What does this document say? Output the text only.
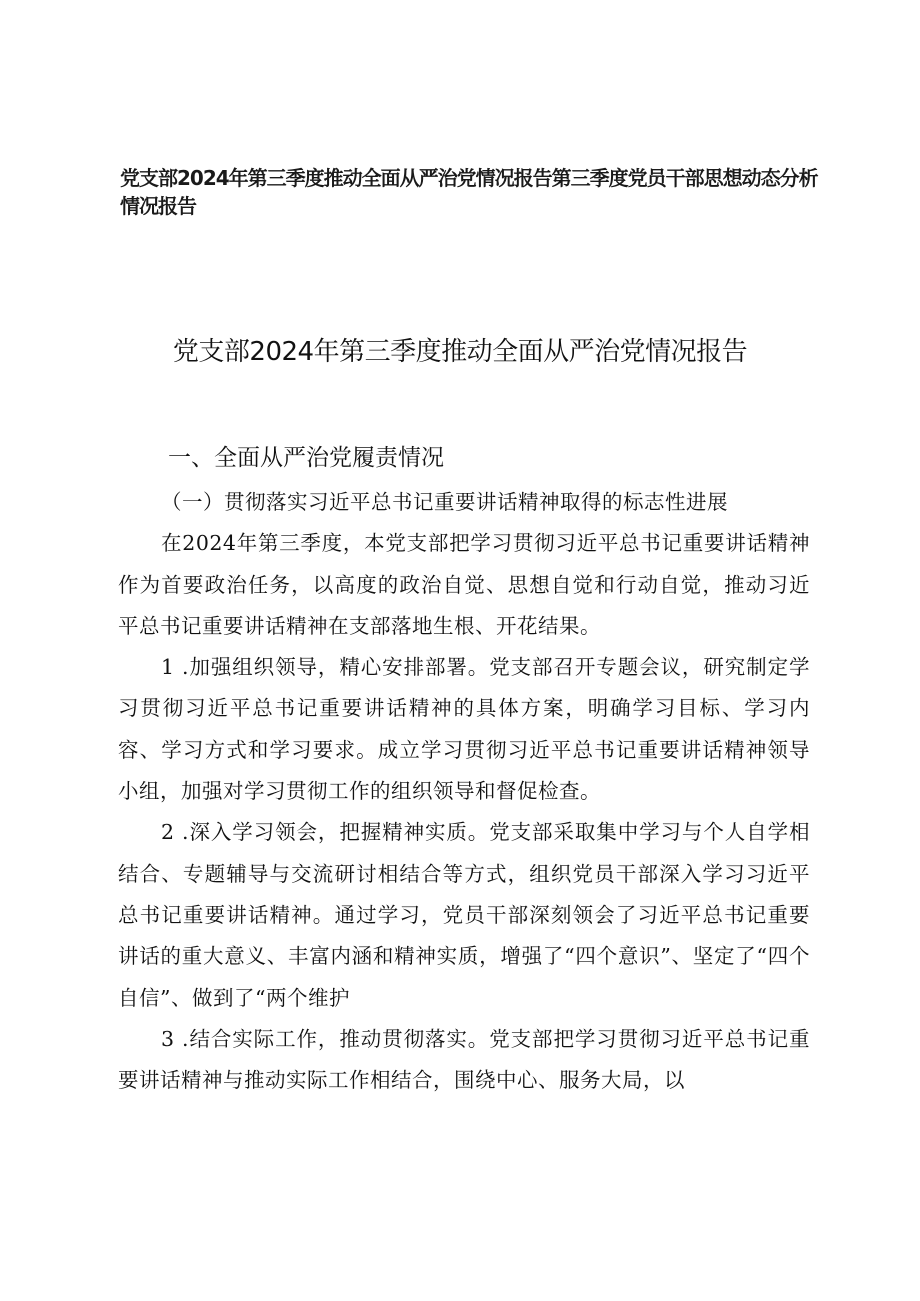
党支部2024年第三季度推动全面从严治党情况报告第三季度党员干部思想动态分析情况报告
党支部2024年第三季度推动全面从严治党情况报告
一、全面从严治党履责情况

（一）贯彻落实习近平总书记重要讲话精神取得的标志性进展

在2024年第三季度，本党支部把学习贯彻习近平总书记重要讲话精神作为首要政治任务，以高度的政治自觉、思想自觉和行动自觉，推动习近平总书记重要讲话精神在支部落地生根、开花结果。

1 .加强组织领导，精心安排部署。党支部召开专题会议，研究制定学习贯彻习近平总书记重要讲话精神的具体方案，明确学习目标、学习内容、学习方式和学习要求。成立学习贯彻习近平总书记重要讲话精神领导小组，加强对学习贯彻工作的组织领导和督促检查。

2 .深入学习领会，把握精神实质。党支部采取集中学习与个人自学相结合、专题辅导与交流研讨相结合等方式，组织党员干部深入学习习近平总书记重要讲话精神。通过学习，党员干部深刻领会了习近平总书记重要讲话的重大意义、丰富内涵和精神实质，增强了“四个意识”、坚定了“四个自信”、做到了“两个维护

3 .结合实际工作，推动贯彻落实。党支部把学习贯彻习近平总书记重要讲话精神与推动实际工作相结合，围绕中心、服务大局，以
